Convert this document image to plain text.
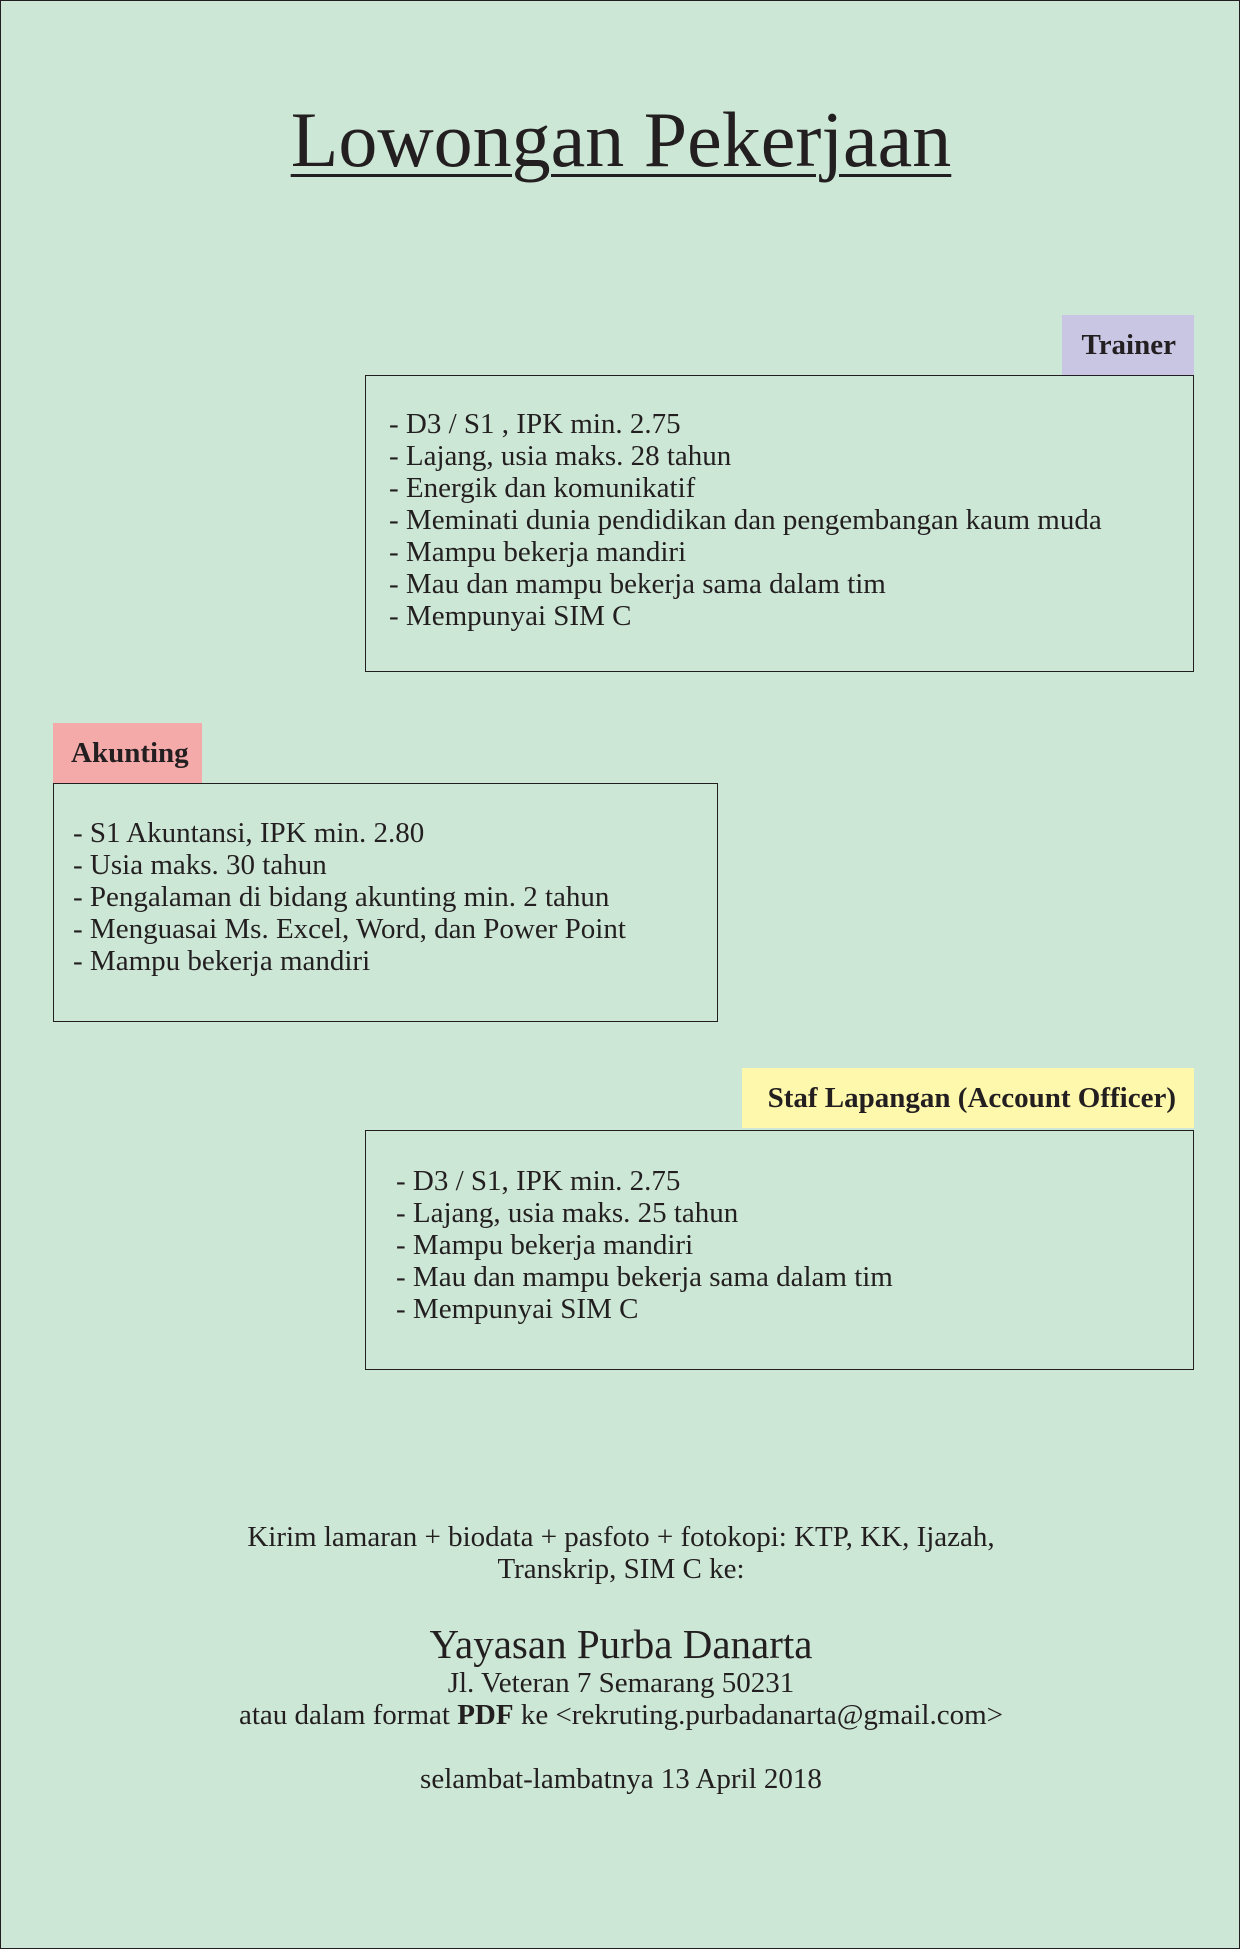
Lowongan Pekerjaan
Trainer
- D3 / S1 , IPK min. 2.75
- Lajang, usia maks. 28 tahun
- Energik dan komunikatif
- Meminati dunia pendidikan dan pengembangan kaum muda
- Mampu bekerja mandiri
- Mau dan mampu bekerja sama dalam tim
- Mempunyai SIM C
Akunting
- S1 Akuntansi, IPK min. 2.80
- Usia maks. 30 tahun
- Pengalaman di bidang akunting min. 2 tahun
- Menguasai Ms. Excel, Word, dan Power Point
- Mampu bekerja mandiri
Staf Lapangan (Account Officer)
- D3 / S1, IPK min. 2.75
- Lajang, usia maks. 25 tahun
- Mampu bekerja mandiri
- Mau dan mampu bekerja sama dalam tim
- Mempunyai SIM C
Kirim lamaran + biodata + pasfoto + fotokopi: KTP, KK, Ijazah,
Transkrip, SIM C ke:
Yayasan Purba Danarta
Jl. Veteran 7 Semarang 50231
atau dalam format PDF ke <rekruting.purbadanarta@gmail.com>
selambat-lambatnya 13 April 2018
